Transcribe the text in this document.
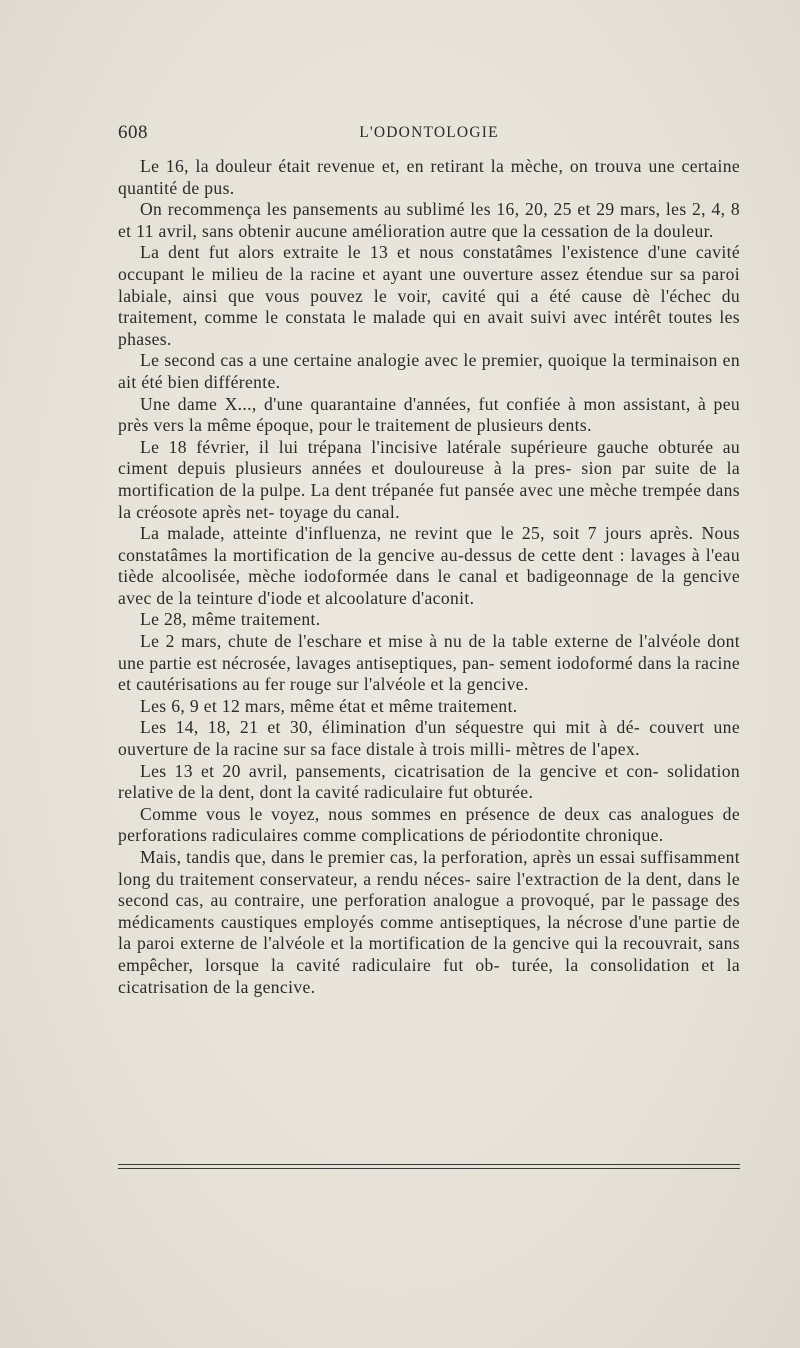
608	L'ODONTOLOGIE

Le 16, la douleur était revenue et, en retirant la mèche, on trouva une certaine quantité de pus.

On recommença les pansements au sublimé les 16, 20, 25 et 29 mars, les 2, 4, 8 et 11 avril, sans obtenir aucune amélioration autre que la cessation de la douleur.

La dent fut alors extraite le 13 et nous constatâmes l'existence d'une cavité occupant le milieu de la racine et ayant une ouverture assez étendue sur sa paroi labiale, ainsi que vous pouvez le voir, cavité qui a été cause dè l'échec du traitement, comme le constata le malade qui en avait suivi avec intérêt toutes les phases.

Le second cas a une certaine analogie avec le premier, quoique la terminaison en ait été bien différente.

Une dame X..., d'une quarantaine d'années, fut confiée à mon assistant, à peu près vers la même époque, pour le traitement de plusieurs dents.

Le 18 février, il lui trépana l'incisive latérale supérieure gauche obturée au ciment depuis plusieurs années et douloureuse à la pres- sion par suite de la mortification de la pulpe. La dent trépanée fut pansée avec une mèche trempée dans la créosote après net- toyage du canal.

La malade, atteinte d'influenza, ne revint que le 25, soit 7 jours après. Nous constatâmes la mortification de la gencive au-dessus de cette dent : lavages à l'eau tiède alcoolisée, mèche iodoformée dans le canal et badigeonnage de la gencive avec de la teinture d'iode et alcoolature d'aconit.

Le 28, même traitement.

Le 2 mars, chute de l'eschare et mise à nu de la table externe de l'alvéole dont une partie est nécrosée, lavages antiseptiques, pan- sement iodoformé dans la racine et cautérisations au fer rouge sur l'alvéole et la gencive.

Les 6, 9 et 12 mars, même état et même traitement.

Les 14, 18, 21 et 30, élimination d'un séquestre qui mit à dé- couvert une ouverture de la racine sur sa face distale à trois milli- mètres de l'apex.

Les 13 et 20 avril, pansements, cicatrisation de la gencive et con- solidation relative de la dent, dont la cavité radiculaire fut obturée.

Comme vous le voyez, nous sommes en présence de deux cas analogues de perforations radiculaires comme complications de périodontite chronique.

Mais, tandis que, dans le premier cas, la perforation, après un essai suffisamment long du traitement conservateur, a rendu néces- saire l'extraction de la dent, dans le second cas, au contraire, une perforation analogue a provoqué, par le passage des médicaments caustiques employés comme antiseptiques, la nécrose d'une partie de la paroi externe de l'alvéole et la mortification de la gencive qui la recouvrait, sans empêcher, lorsque la cavité radiculaire fut ob- turée, la consolidation et la cicatrisation de la gencive.
